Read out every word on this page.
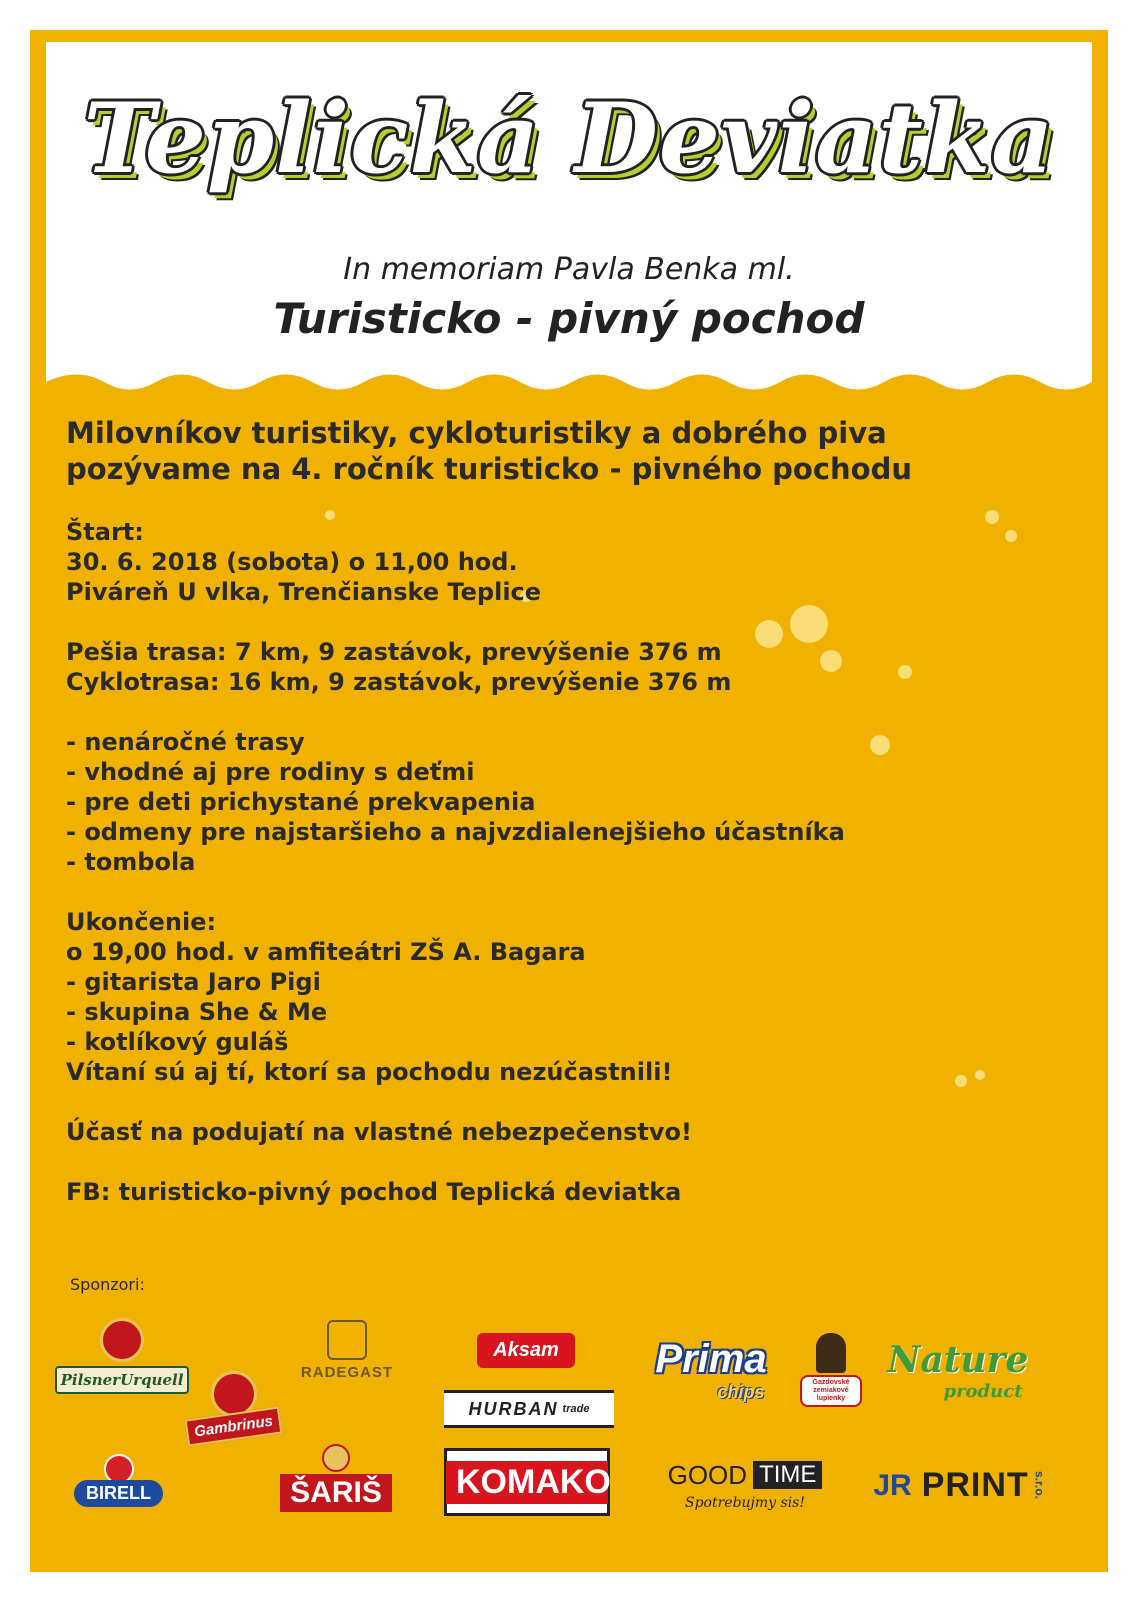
Teplická Deviatka
In memoriam Pavla Benka ml.
Turisticko - pivný pochod

Milovníkov turistiky, cykloturistiky a dobrého piva

pozývame na 4. ročník turisticko - pivného pochodu

Štart:

30. 6. 2018 (sobota) o 11,00 hod.

Piváreň U vlka, Trenčianske Teplice

Pešia trasa: 7 km, 9 zastávok, prevýšenie 376 m

Cyklotrasa: 16 km, 9 zastávok, prevýšenie 376 m

- nenáročné trasy

- vhodné aj pre rodiny s deťmi

- pre deti prichystané prekvapenia

- odmeny pre najstaršieho a najvzdialenejšieho účastníka

- tombola

Ukončenie:

o 19,00 hod. v amfiteátri ZŠ A. Bagara

- gitarista Jaro Pigi

- skupina She & Me

- kotlíkový guláš

Vítaní sú aj tí, ktorí sa pochodu nezúčastnili!

Účasť na podujatí na vlastné nebezpečenstvo!

FB: turisticko-pivný pochod Teplická deviatka

Sponzori:
PilsnerUrquell	RADEGAST
Aksam
HURBAN trade
Prima
chips	Gazdovské zemiakové lupienky
Nature
product
Gambrinus
BIRELL	ŠARIŠ KOMAKO GOOD TIME
Spotrebujmy sis!
JR PRINT s.r.o.
